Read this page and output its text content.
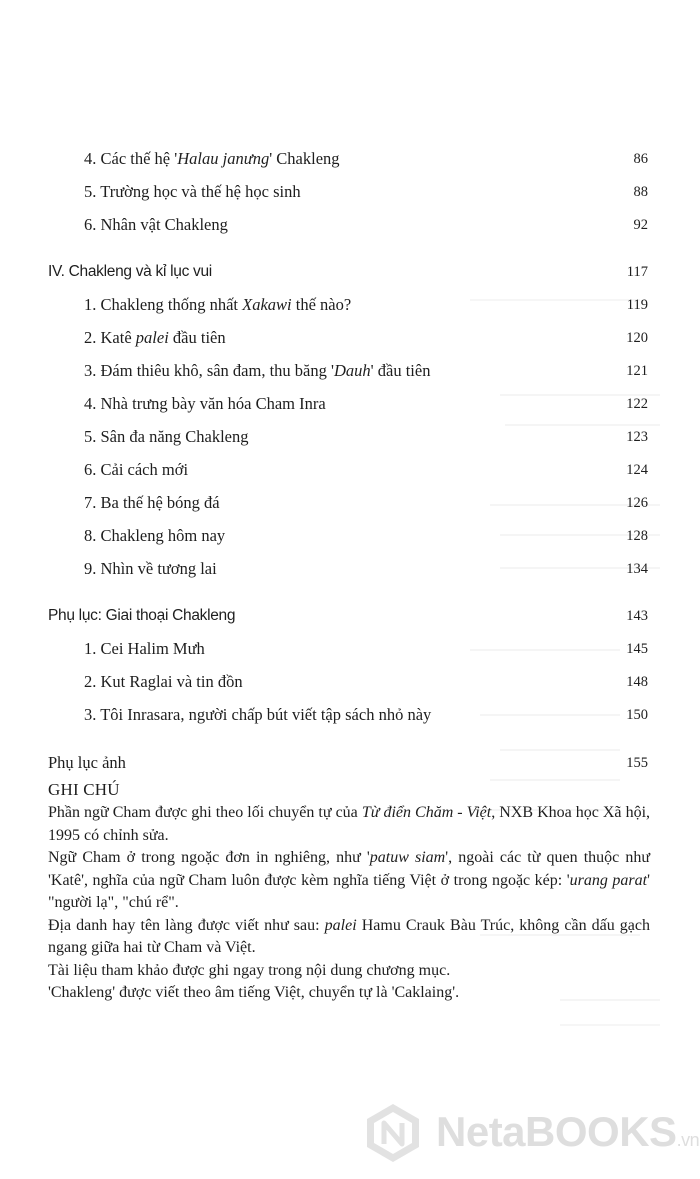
4. Các thế hệ 'Halau janưng' Chakleng	86
5. Trường học và thế hệ học sinh	88
6. Nhân vật Chakleng	92
IV. Chakleng và kỉ lục vui	117
1. Chakleng thống nhất Xakawi thế nào?	119
2. Katê palei đầu tiên	120
3. Đám thiêu khô, sân đam, thu băng 'Dauh' đầu tiên	121
4. Nhà trưng bày văn hóa Cham Inra	122
5. Sân đa năng Chakleng	123
6. Cải cách mới	124
7. Ba thế hệ bóng đá	126
8. Chakleng hôm nay	128
9. Nhìn về tương lai	134
Phụ lục: Giai thoại Chakleng	143
1. Cei Halim Mưh	145
2. Kut Raglai và tin đồn	148
3. Tôi Inrasara, người chấp bút viết tập sách nhỏ này	150
Phụ lục ảnh	155
GHI CHÚ

Phần ngữ Cham được ghi theo lối chuyển tự của Từ điển Chăm - Việt, NXB Khoa học Xã hội, 1995 có chỉnh sửa.

Ngữ Cham ở trong ngoặc đơn in nghiêng, như 'patuw siam', ngoài các từ quen thuộc như 'Katê', nghĩa của ngữ Cham luôn được kèm nghĩa tiếng Việt ở trong ngoặc kép: 'urang parat' "người lạ", "chú rể".

Địa danh hay tên làng được viết như sau: palei Hamu Crauk Bàu Trúc, không cần dấu gạch ngang giữa hai từ Cham và Việt.

Tài liệu tham khảo được ghi ngay trong nội dung chương mục.

'Chakleng' được viết theo âm tiếng Việt, chuyển tự là 'Caklaing'.

NetaBOOKS.vn
